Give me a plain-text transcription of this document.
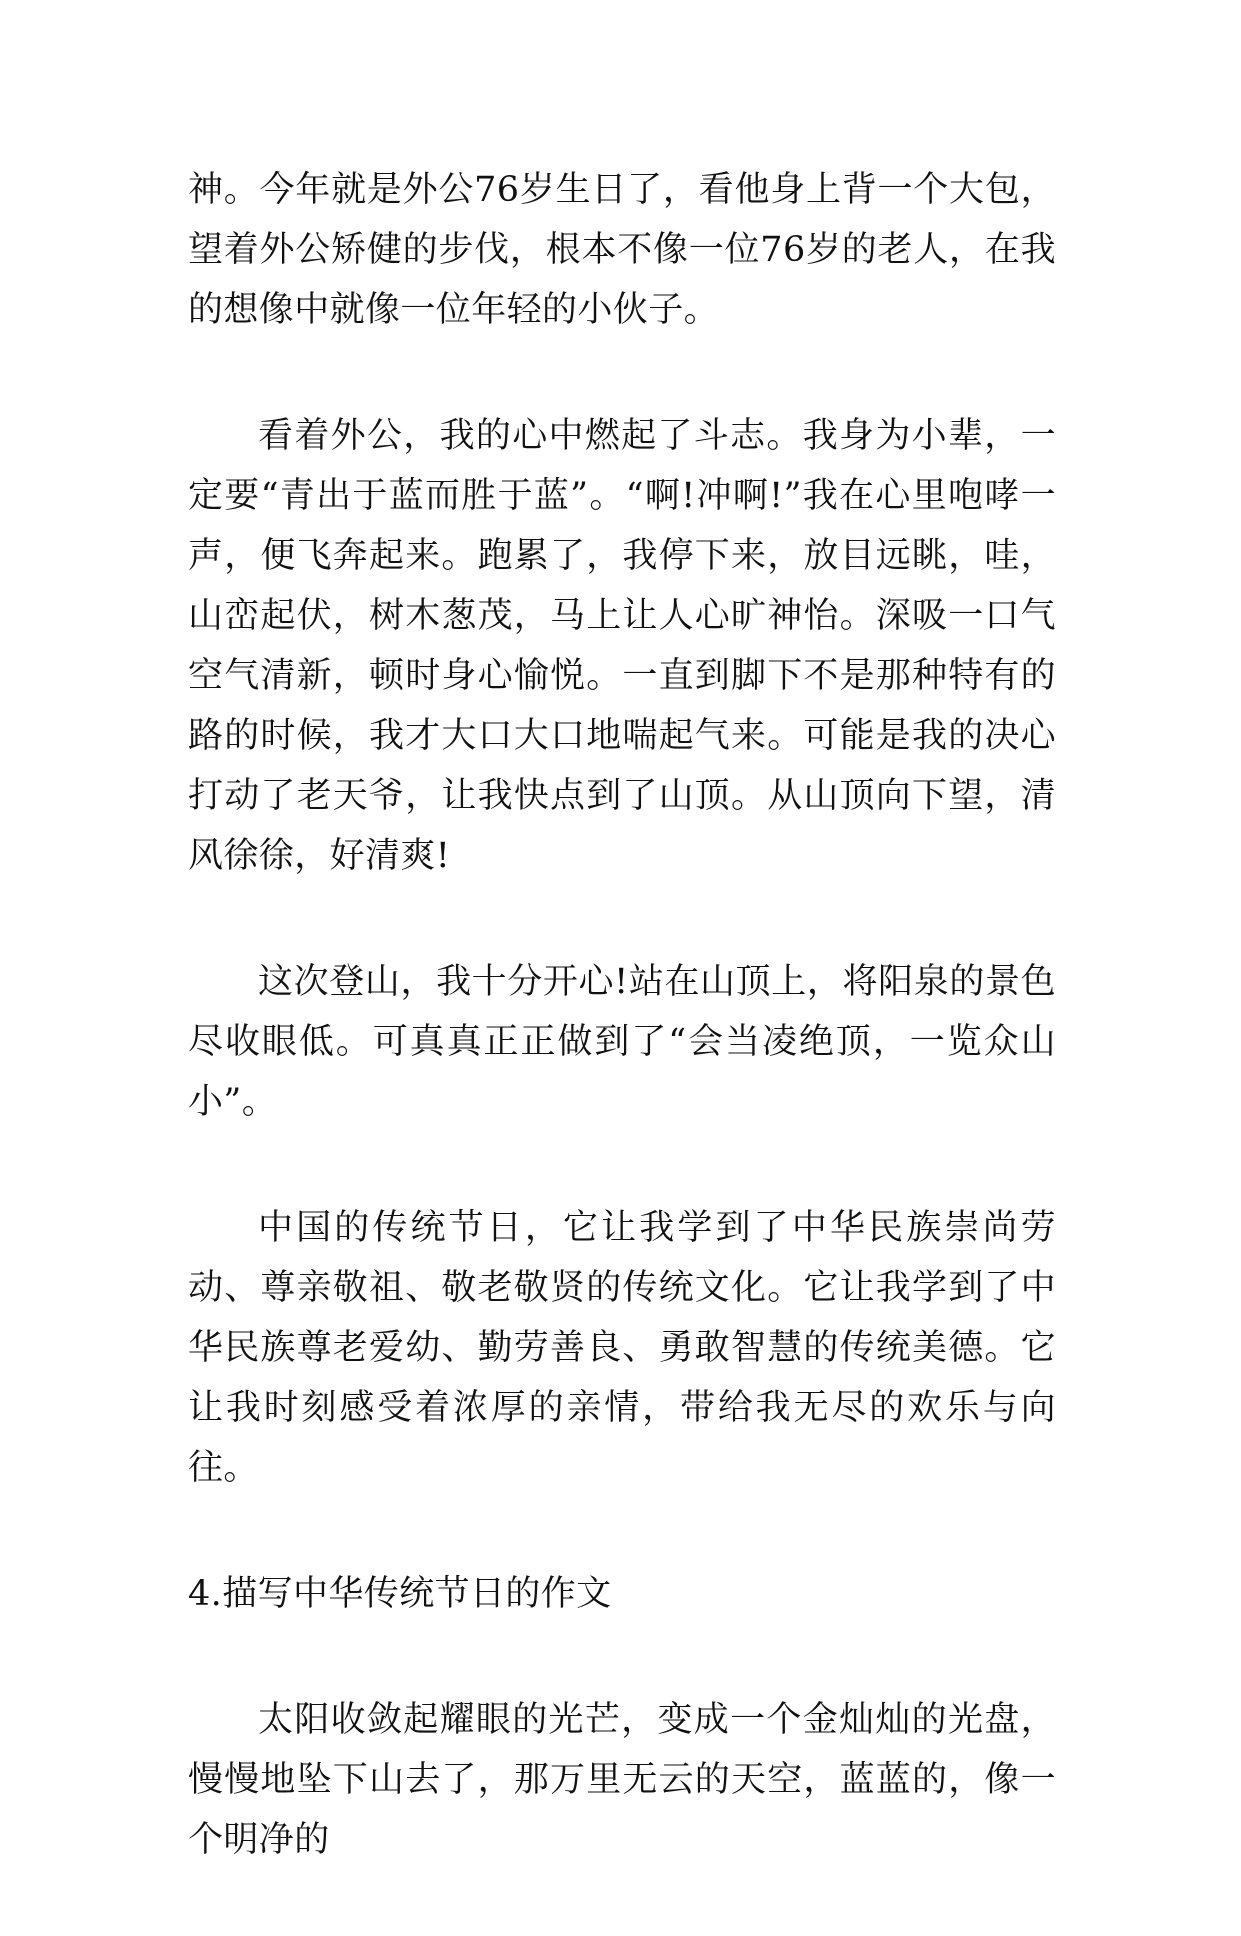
神。今年就是外公76岁生日了，看他身上背一个大包，望着外公矫健的步伐，根本不像一位76岁的老人，在我的想像中就像一位年轻的小伙子。

看着外公，我的心中燃起了斗志。我身为小辈，一定要“青出于蓝而胜于蓝”。“啊!冲啊!”我在心里咆哮一声，便飞奔起来。跑累了，我停下来，放目远眺，哇，山峦起伏，树木葱茂，马上让人心旷神怡。深吸一口气空气清新，顿时身心愉悦。一直到脚下不是那种特有的路的时候，我才大口大口地喘起气来。可能是我的决心打动了老天爷，让我快点到了山顶。从山顶向下望，清风徐徐，好清爽!

这次登山，我十分开心!站在山顶上，将阳泉的景色尽收眼低。可真真正正做到了“会当凌绝顶，一览众山小”。

中国的传统节日，它让我学到了中华民族崇尚劳动、尊亲敬祖、敬老敬贤的传统文化。它让我学到了中华民族尊老爱幼、勤劳善良、勇敢智慧的传统美德。它让我时刻感受着浓厚的亲情，带给我无尽的欢乐与向往。

4.描写中华传统节日的作文

太阳收敛起耀眼的光芒，变成一个金灿灿的光盘，慢慢地坠下山去了，那万里无云的天空，蓝蓝的，像一个明净的
